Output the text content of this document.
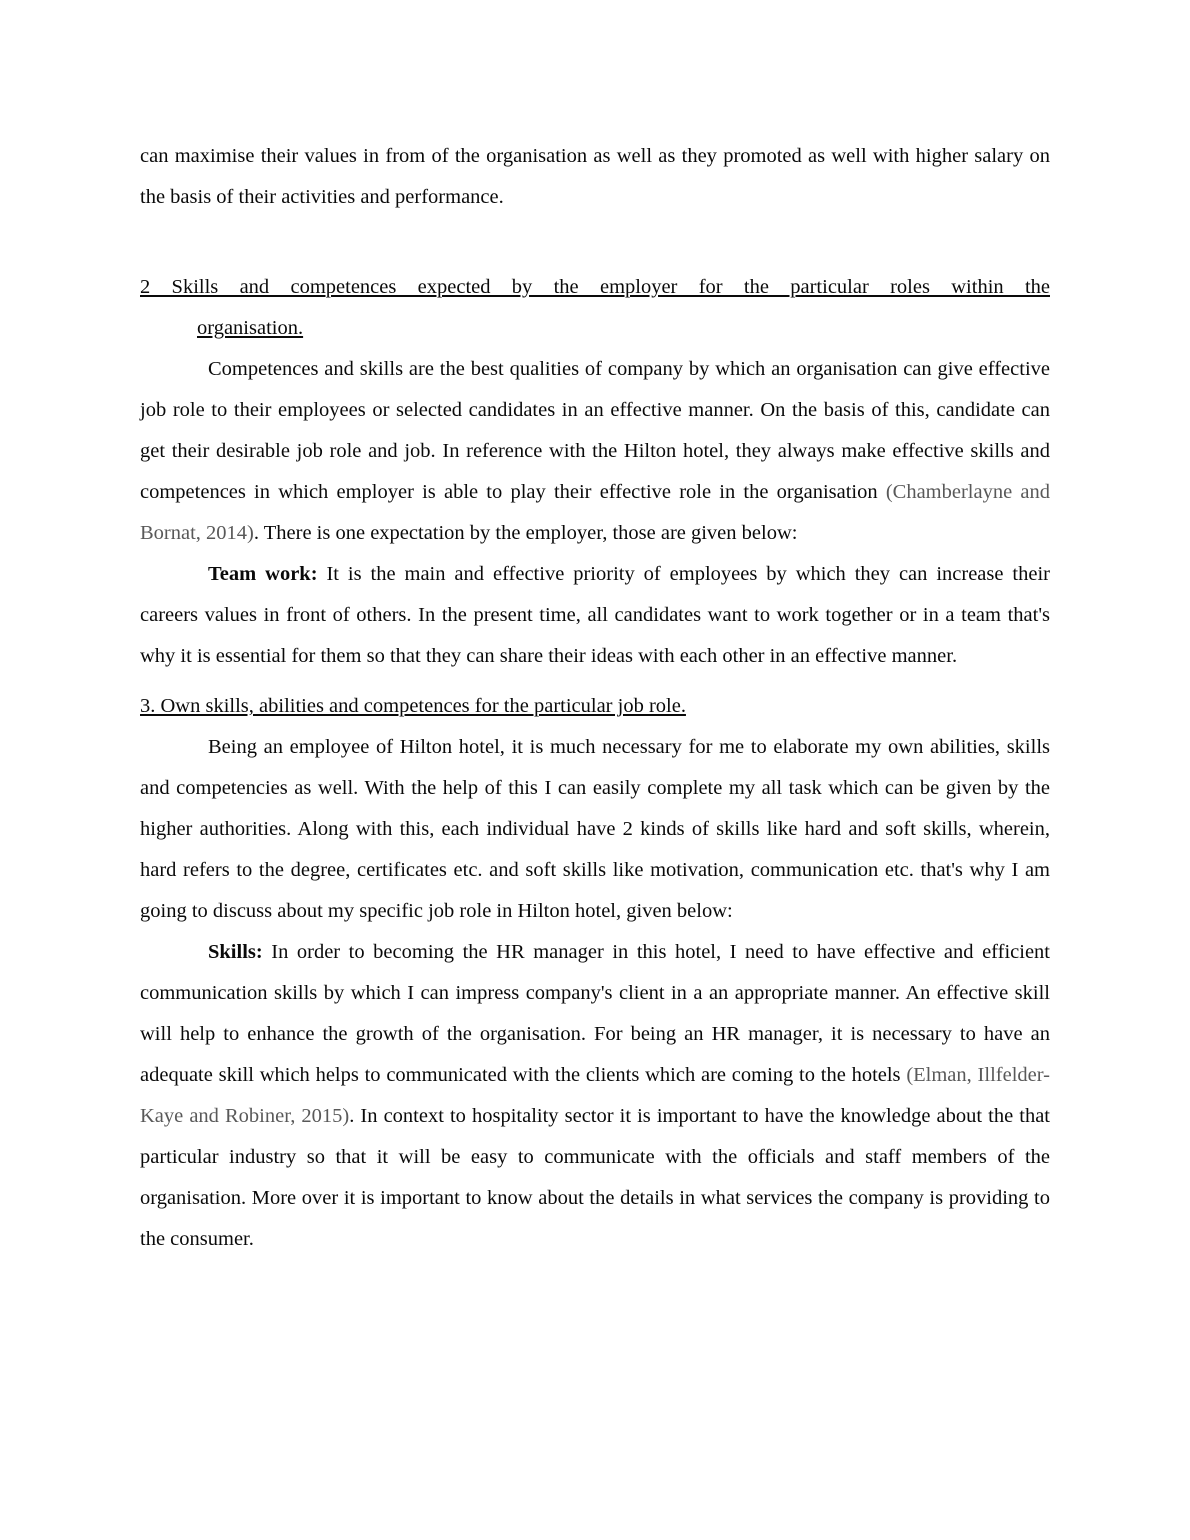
can maximise their values in from of the organisation as well as they promoted as well with higher salary on the basis of their activities and performance.

2 Skills and competences expected by the employer for the particular roles within the
organisation.

Competences and skills are the best qualities of company by which an organisation can give effective job role to their employees or selected candidates in an effective manner. On the basis of this, candidate can get their desirable job role and job. In reference with the Hilton hotel, they always make effective skills and competences in which employer is able to play their effective role in the organisation (Chamberlayne and Bornat, 2014). There is one expectation by the employer, those are given below:

Team work: It is the main and effective priority of employees by which they can increase their careers values in front of others. In the present time, all candidates want to work together or in a team that's why it is essential for them so that they can share their ideas with each other in an effective manner.

3. Own skills, abilities and competences for the particular job role.

Being an employee of Hilton hotel, it is much necessary for me to elaborate my own abilities, skills and competencies as well. With the help of this I can easily complete my all task which can be given by the higher authorities. Along with this, each individual have 2 kinds of skills like hard and soft skills, wherein, hard refers to the degree, certificates etc. and soft skills like motivation, communication etc. that's why I am going to discuss about my specific job role in Hilton hotel, given below:

Skills: In order to becoming the HR manager in this hotel, I need to have effective and efficient communication skills by which I can impress company's client in a an appropriate manner. An effective skill will help to enhance the growth of the organisation. For being an HR manager, it is necessary to have an adequate skill which helps to communicated with the clients which are coming to the hotels (Elman, Illfelder-Kaye and Robiner, 2015). In context to hospitality sector it is important to have the knowledge about the that particular industry so that it will be easy to communicate with the officials and staff members of the organisation. More over it is important to know about the details in what services the company is providing to the consumer.
